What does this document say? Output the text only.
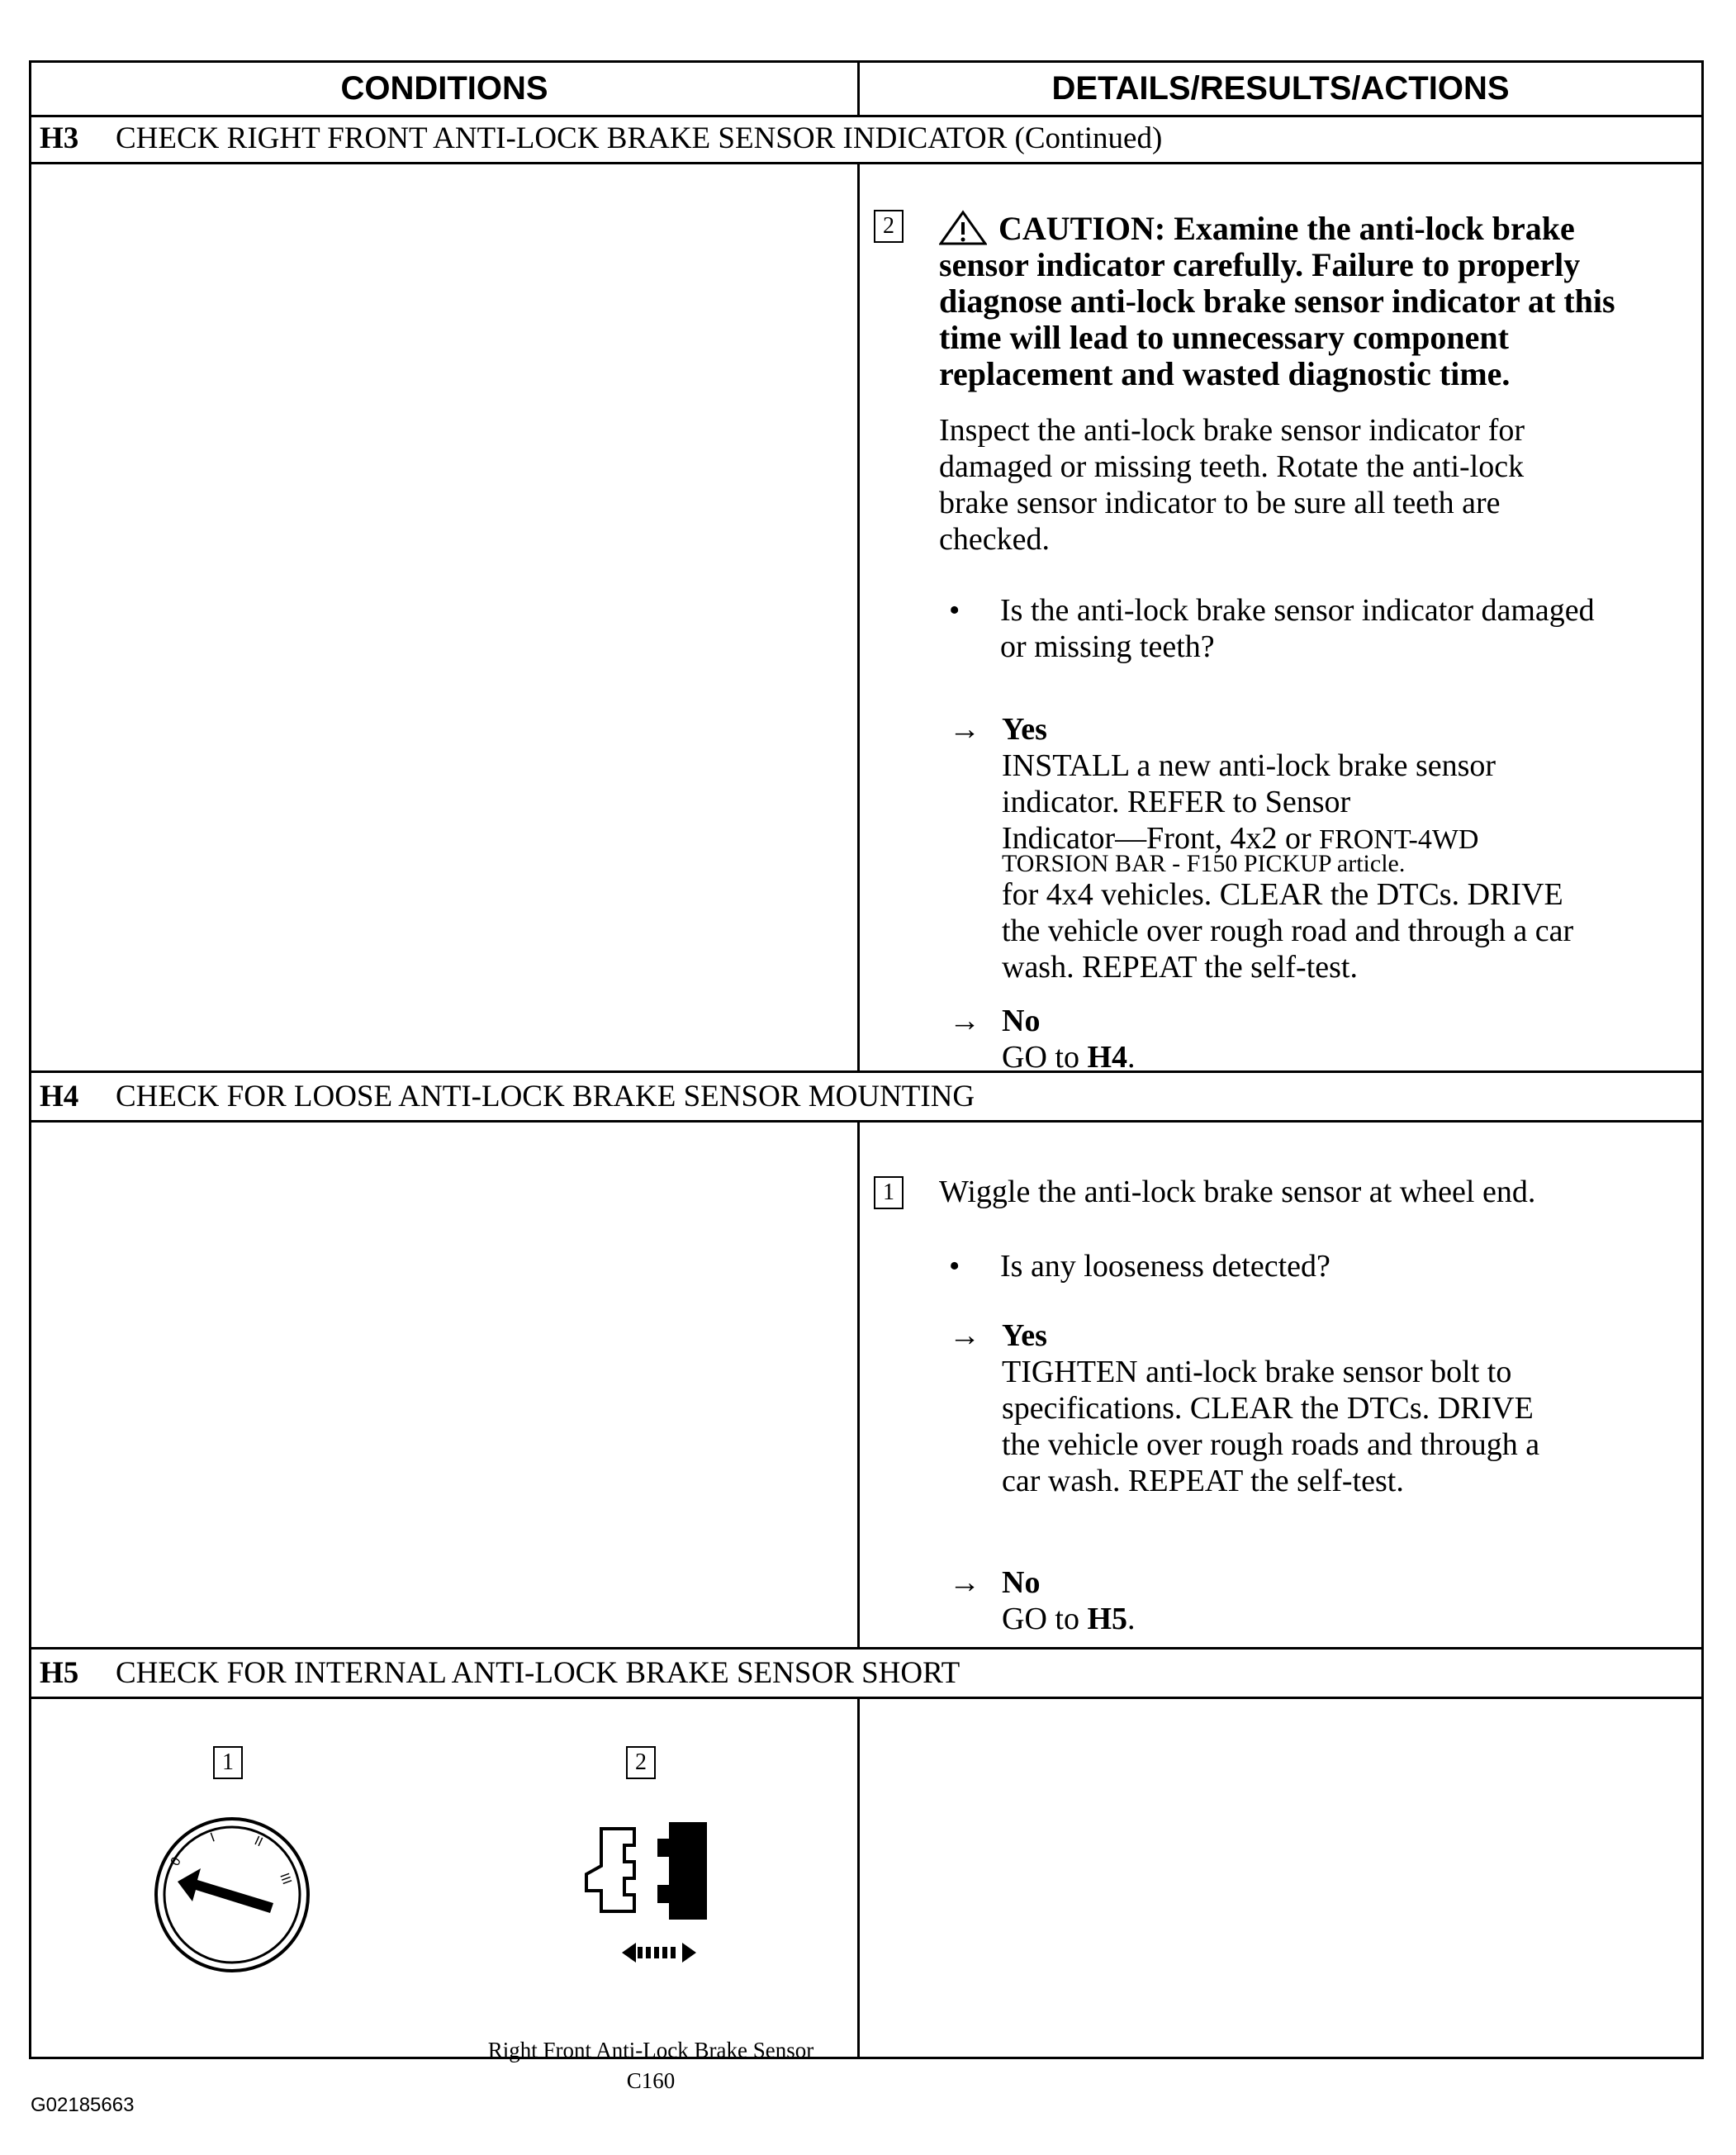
CONDITIONS	DETAILS/RESULTS/ACTIONS
H3	CHECK RIGHT FRONT ANTI-LOCK BRAKE SENSOR INDICATOR (Continued)
2	CAUTION: Examine the anti-lock brake
sensor indicator carefully. Failure to properly
diagnose anti-lock brake sensor indicator at this
time will lead to unnecessary component
replacement and wasted diagnostic time.
Inspect the anti-lock brake sensor indicator for
damaged or missing teeth. Rotate the anti-lock
brake sensor indicator to be sure all teeth are
checked.
• Is the anti-lock brake sensor indicator damaged
or missing teeth?
→ Yes
INSTALL a new anti-lock brake sensor
indicator. REFER to Sensor
Indicator—Front, 4x2 or FRONT-4WD
TORSION BAR - F150 PICKUP article.
for 4x4 vehicles. CLEAR the DTCs. DRIVE
the vehicle over rough road and through a car
wash. REPEAT the self-test.
→ No
GO to H4.
H4	CHECK FOR LOOSE ANTI-LOCK BRAKE SENSOR MOUNTING
1 Wiggle the anti-lock brake sensor at wheel end.
• Is any looseness detected?
→ Yes
TIGHTEN anti-lock brake sensor bolt to
specifications. CLEAR the DTCs. DRIVE
the vehicle over rough roads and through a
car wash. REPEAT the self-test.
→ No
GO to H5.
H5	CHECK FOR INTERNAL ANTI-LOCK BRAKE SENSOR SHORT
1	2
0
I	II
III
Right Front Anti-Lock Brake Sensor
C160
G02185663
